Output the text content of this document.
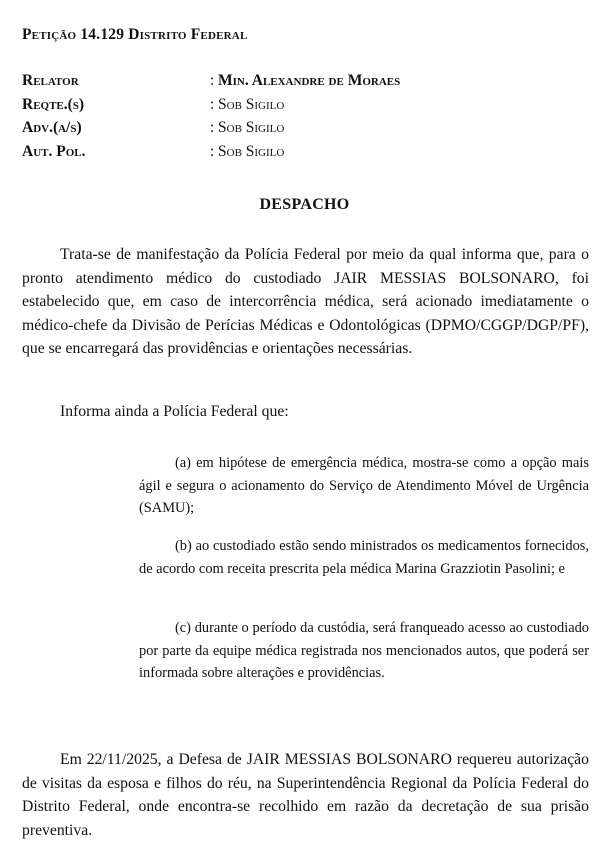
Petição 14.129 Distrito Federal
Relator	: Min. Alexandre de Moraes
Reqte.(s)	: Sob Sigilo
Adv.(a/s)	: Sob Sigilo
Aut. Pol.	: Sob Sigilo
DESPACHO

Trata-se de manifestação da Polícia Federal por meio da qual informa que, para o pronto atendimento médico do custodiado JAIR MESSIAS BOLSONARO, foi estabelecido que, em caso de intercorrência médica, será acionado imediatamente o médico-chefe da Divisão de Perícias Médicas e Odontológicas (DPMO/CGGP/DGP/PF), que se encarregará das providências e orientações necessárias.

Informa ainda a Polícia Federal que:

(a) em hipótese de emergência médica, mostra-se como a opção mais ágil e segura o acionamento do Serviço de Atendimento Móvel de Urgência (SAMU);

(b) ao custodiado estão sendo ministrados os medicamentos fornecidos, de acordo com receita prescrita pela médica Marina Grazziotin Pasolini; e

(c) durante o período da custódia, será franqueado acesso ao custodiado por parte da equipe médica registrada nos mencionados autos, que poderá ser informada sobre alterações e providências.

Em 22/11/2025, a Defesa de JAIR MESSIAS BOLSONARO requereu autorização de visitas da esposa e filhos do réu, na Superintendência Regional da Polícia Federal do Distrito Federal, onde encontra-se recolhido em razão da decretação de sua prisão preventiva.
